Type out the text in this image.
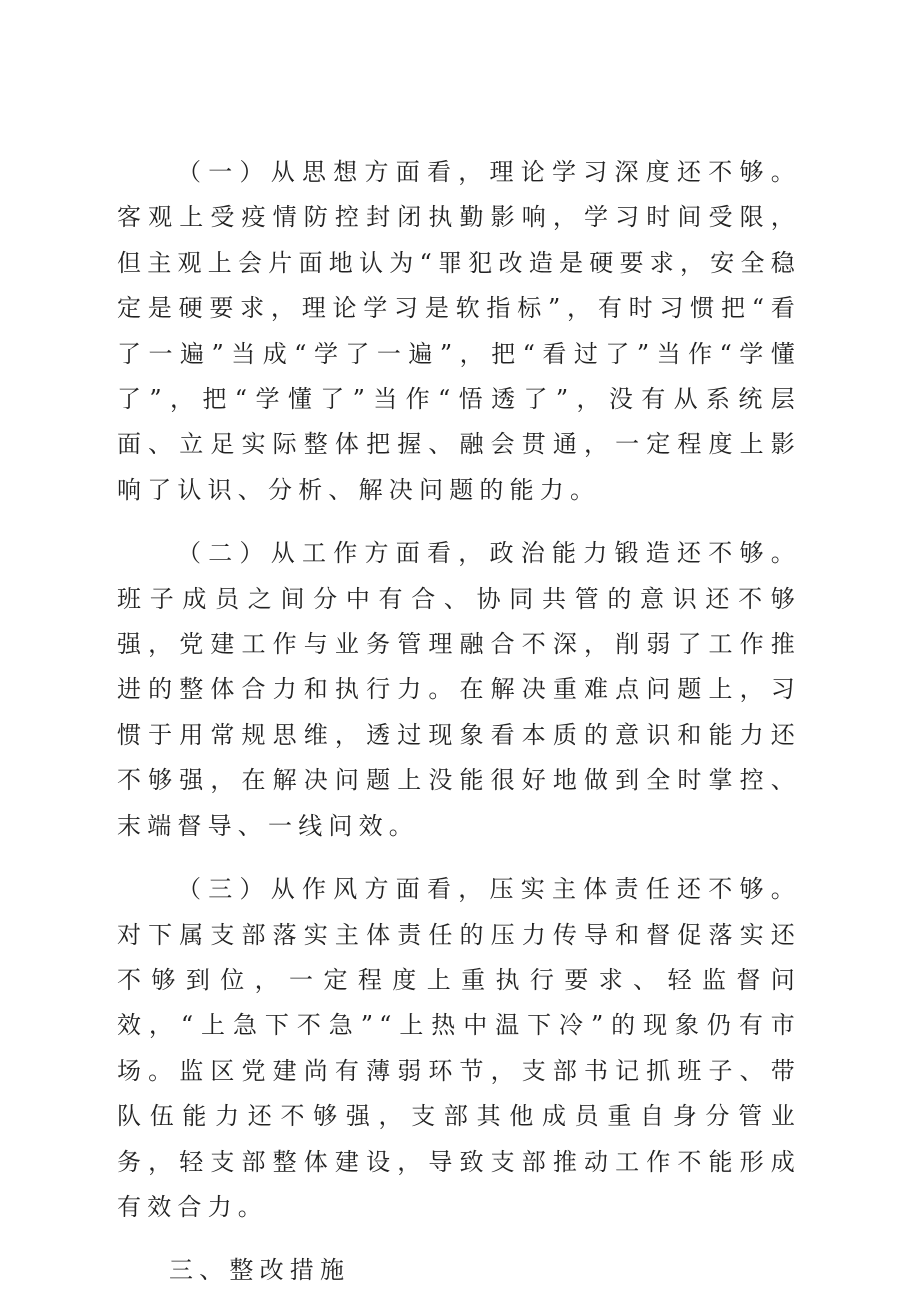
（一）从思想方面看，理论学习深度还不够。客观上受疫情防控封闭执勤影响，学习时间受限，但主观上会片面地认为“罪犯改造是硬要求，安全稳定是硬要求，理论学习是软指标”，有时习惯把“看了一遍”当成“学了一遍”，把“看过了”当作“学懂了”，把“学懂了”当作“悟透了”，没有从系统层面、立足实际整体把握、融会贯通，一定程度上影响了认识、分析、解决问题的能力。

（二）从工作方面看，政治能力锻造还不够。班子成员之间分中有合、协同共管的意识还不够强，党建工作与业务管理融合不深，削弱了工作推进的整体合力和执行力。在解决重难点问题上，习惯于用常规思维，透过现象看本质的意识和能力还不够强，在解决问题上没能很好地做到全时掌控、末端督导、一线问效。

（三）从作风方面看，压实主体责任还不够。对下属支部落实主体责任的压力传导和督促落实还不够到位，一定程度上重执行要求、轻监督问效，“上急下不急”“上热中温下冷”的现象仍有市场。监区党建尚有薄弱环节，支部书记抓班子、带队伍能力还不够强，支部其他成员重自身分管业务，轻支部整体建设，导致支部推动工作不能形成有效合力。

三、整改措施
